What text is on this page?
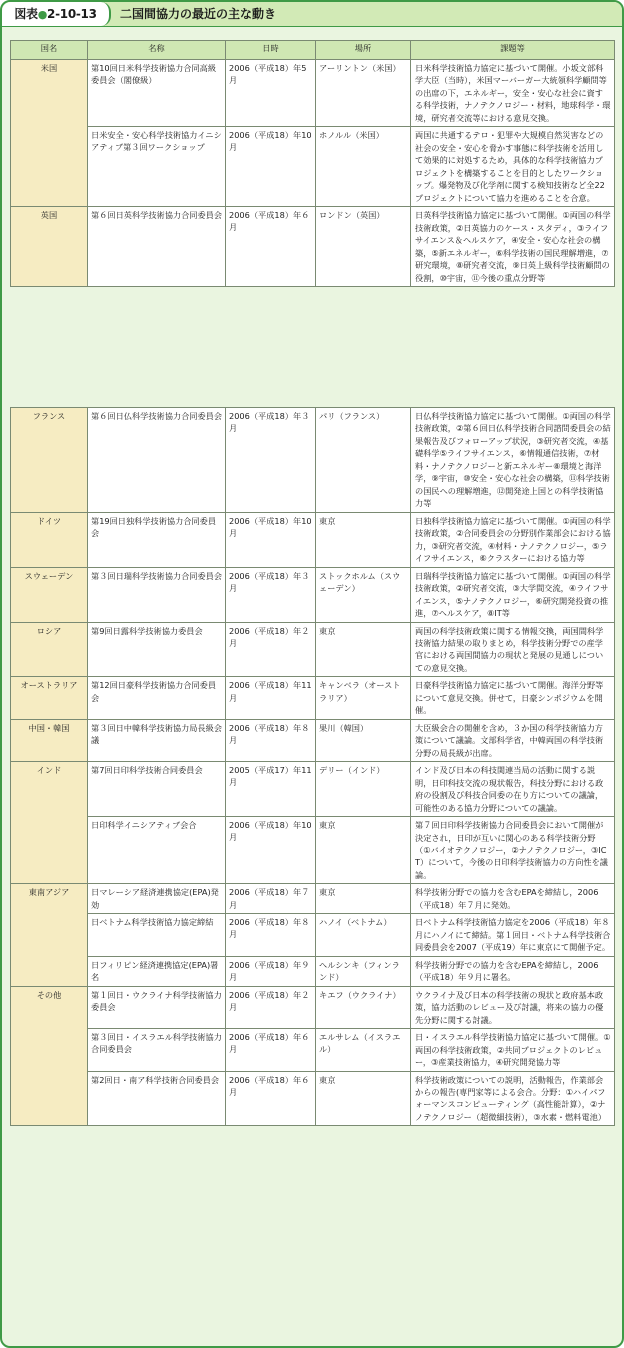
図表●2-10-13	二国間協力の最近の主な動き
国名	名称	日時	場所	課題等
米国	第10回日米科学技術協力合同高級委員会（閣僚級）	2006（平成18）年5月	アーリントン（米国）	日米科学技術協力協定に基づいて開催。小坂文部科学大臣（当時），米国マーバーガー大統領科学顧問等の出席の下，エネルギー，安全・安心な社会に資する科学技術，ナノテクノロジー・材料，地球科学・環境，研究者交流等における意見交換。
	日米安全・安心科学技術協力イニシアティブ第３回ワークショップ	2006（平成18）年10月	ホノルル（米国）	両国に共通するテロ・犯罪や大規模自然災害などの社会の安全・安心を脅かす事態に科学技術を活用して効果的に対処するため，具体的な科学技術協力プロジェクトを構築することを目的としたワークショップ。爆発物及び化学剤に関する検知技術など全22プロジェクトについて協力を進めることを合意。
英国	第６回日英科学技術協力合同委員会	2006（平成18）年６月	ロンドン（英国）	日英科学技術協力協定に基づいて開催。①両国の科学技術政策，②日英協力のケース・スタディ，③ライフサイエンス＆ヘルスケア，④安全・安心な社会の構築，⑤新エネルギー，⑥科学技術の国民理解増進，⑦研究環境，⑧研究者交流，⑨日英上級科学技術顧問の役割，⑩宇宙，⑪今後の重点分野等
フランス	第６回日仏科学技術協力合同委員会	2006（平成18）年３月	パリ（フランス）	日仏科学技術協力協定に基づいて開催。①両国の科学技術政策，②第６回日仏科学技術合同諮問委員会の結果報告及びフォローアップ状況，③研究者交流，④基礎科学⑤ライフサイエンス，⑥情報通信技術，⑦材料・ナノテクノロジーと新エネルギー⑧環境と海洋学，⑨宇宙，⑩安全・安心な社会の構築，⑪科学技術の国民への理解増進，⑫開発途上国との科学技術協力等
ドイツ	第19回日独科学技術協力合同委員会	2006（平成18）年10月	東京	日独科学技術協力協定に基づいて開催。①両国の科学技術政策，②合同委員会の分野別作業部会における協力，③研究者交流，④材料・ナノテクノロジー，⑤ライフサイエンス，⑥クラスターにおける協力等
スウェーデン	第３回日瑞科学技術協力合同委員会	2006（平成18）年３月	ストックホルム（スウェーデン）	日瑞科学技術協力協定に基づいて開催。①両国の科学技術政策，②研究者交流，③大学間交流，④ライフサイエンス，⑤ナノテクノロジー，⑥研究開発投資の推進，⑦ヘルスケア，⑧IT等
ロシア	第9回日露科学技術協力委員会	2006（平成18）年２月	東京	両国の科学技術政策に関する情報交換，両国間科学技術協力結果の取りまとめ，科学技術分野での産学官における両国間協力の現状と発展の見通しについての意見交換。
オーストラリア	第12回日豪科学技術協力合同委員会	2006（平成18）年11月	キャンベラ（オーストラリア）	日豪科学技術協力協定に基づいて開催。海洋分野等について意見交換。併せて，日豪シンポジウムを開催。
中国・韓国	第３回日中韓科学技術協力局長級会議	2006（平成18）年８月	果川（韓国）	大臣級会合の開催を含め，３か国の科学技術協力方策について議論。文部科学省，中韓両国の科学技術分野の局長級が出席。
インド	第7回日印科学技術合同委員会	2005（平成17）年11月	デリー（インド）	インド及び日本の科技関連当局の活動に関する説明，日印科技交流の現状報告，科技分野における政府の役割及び科技合同委の在り方についての議論，可能性のある協力分野についての議論。
	日印科学イニシアティブ会合	2006（平成18）年10月	東京	第７回日印科学技術協力合同委員会において開催が決定され，日印が互いに関心のある科学技術分野（①バイオテクノロジー，②ナノテクノロジー，③ICT）について，今後の日印科学技術協力の方向性を議論。
東南アジア	日マレーシア経済連携協定(EPA)発効	2006（平成18）年７月	東京	科学技術分野での協力を含むEPAを締結し，2006（平成18）年７月に発効。
	日ベトナム科学技術協力協定締結	2006（平成18）年８月	ハノイ（ベトナム）	日ベトナム科学技術協力協定を2006（平成18）年８月にハノイにて締結。第１回日・ベトナム科学技術合同委員会を2007（平成19）年に東京にて開催予定。
	日フィリピン経済連携協定(EPA)署名	2006（平成18）年９月	ヘルシンキ（フィンランド）	科学技術分野での協力を含むEPAを締結し，2006（平成18）年９月に署名。
その他	第１回日・ウクライナ科学技術協力委員会	2006（平成18）年２月	キエフ（ウクライナ）	ウクライナ及び日本の科学技術の現状と政府基本政策，協力活動のレビュー及び討議，将来の協力の優先分野に関する討議。
	第３回日・イスラエル科学技術協力合同委員会	2006（平成18）年６月	エルサレム（イスラエル）	日・イスラエル科学技術協力協定に基づいて開催。①両国の科学技術政策，②共同プロジェクトのレビュー，③産業技術協力，④研究開発協力等
	第2回日・南ア科学技術合同委員会	2006（平成18）年６月	東京	科学技術政策についての説明，活動報告，作業部会からの報告(専門家等による会合。分野：①ハイパフォーマンスコンピューティング（高性能計算），②ナノテクノロジー（超微細技術），③水素・燃料電池）
